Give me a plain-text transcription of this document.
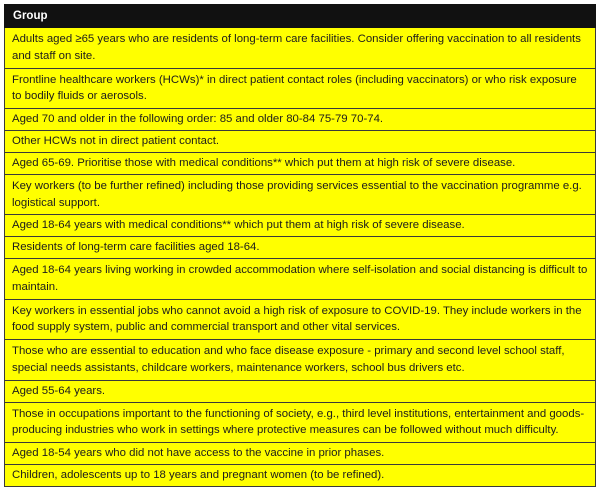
Group
Adults aged ≥65 years who are residents of long-term care facilities. Consider offering vaccination to all residents and staff on site.
Frontline healthcare workers (HCWs)* in direct patient contact roles (including vaccinators) or who risk exposure to bodily fluids or aerosols.
Aged 70 and older in the following order: 85 and older 80-84 75-79 70-74.
Other HCWs not in direct patient contact.
Aged 65-69. Prioritise those with medical conditions** which put them at high risk of severe disease.
Key workers (to be further refined) including those providing services essential to the vaccination programme e.g. logistical support.
Aged 18-64 years with medical conditions** which put them at high risk of severe disease.
Residents of long-term care facilities aged 18-64.
Aged 18-64 years living working in crowded accommodation where self-isolation and social distancing is difficult to maintain.
Key workers in essential jobs who cannot avoid a high risk of exposure to COVID-19. They include workers in the food supply system, public and commercial transport and other vital services.
Those who are essential to education and who face disease exposure - primary and second level school staff, special needs assistants, childcare workers, maintenance workers, school bus drivers etc.
Aged 55-64 years.
Those in occupations important to the functioning of society, e.g., third level institutions, entertainment and goods-producing industries who work in settings where protective measures can be followed without much difficulty.
Aged 18-54 years who did not have access to the vaccine in prior phases.
Children, adolescents up to 18 years and pregnant women (to be refined).
